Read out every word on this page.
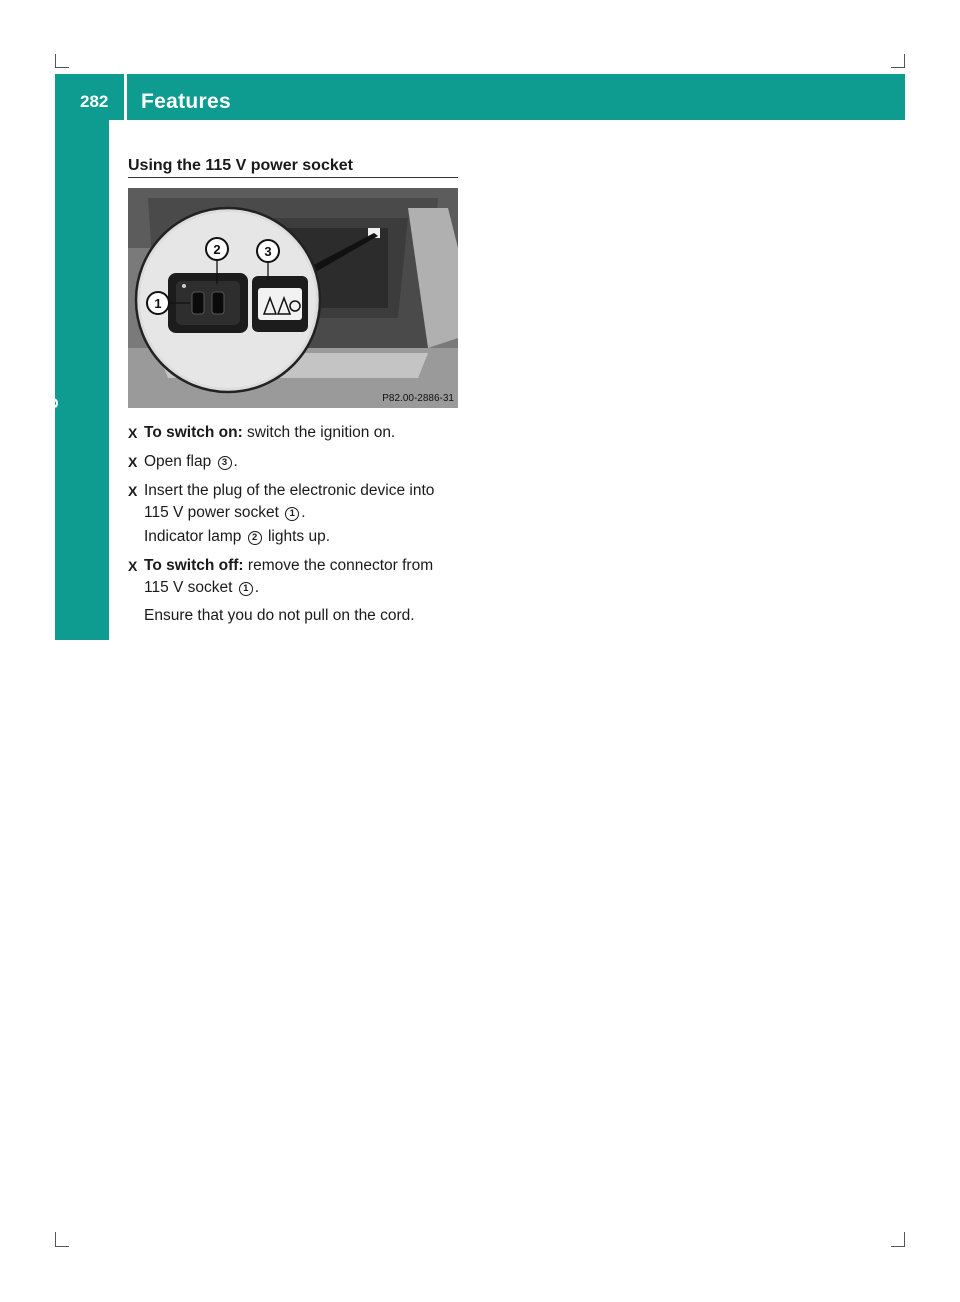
282	Features
Stowage and features
Using the 115 V power socket
1
2	3
P82.00-2886-31
X To switch on: switch the ignition on.
X Open flap 3 .
X Insert the plug of the electronic device into 115 V power socket 1 .
Indicator lamp 2 lights up.
X To switch off: remove the connector from 115 V socket 1 .
Ensure that you do not pull on the cord.
